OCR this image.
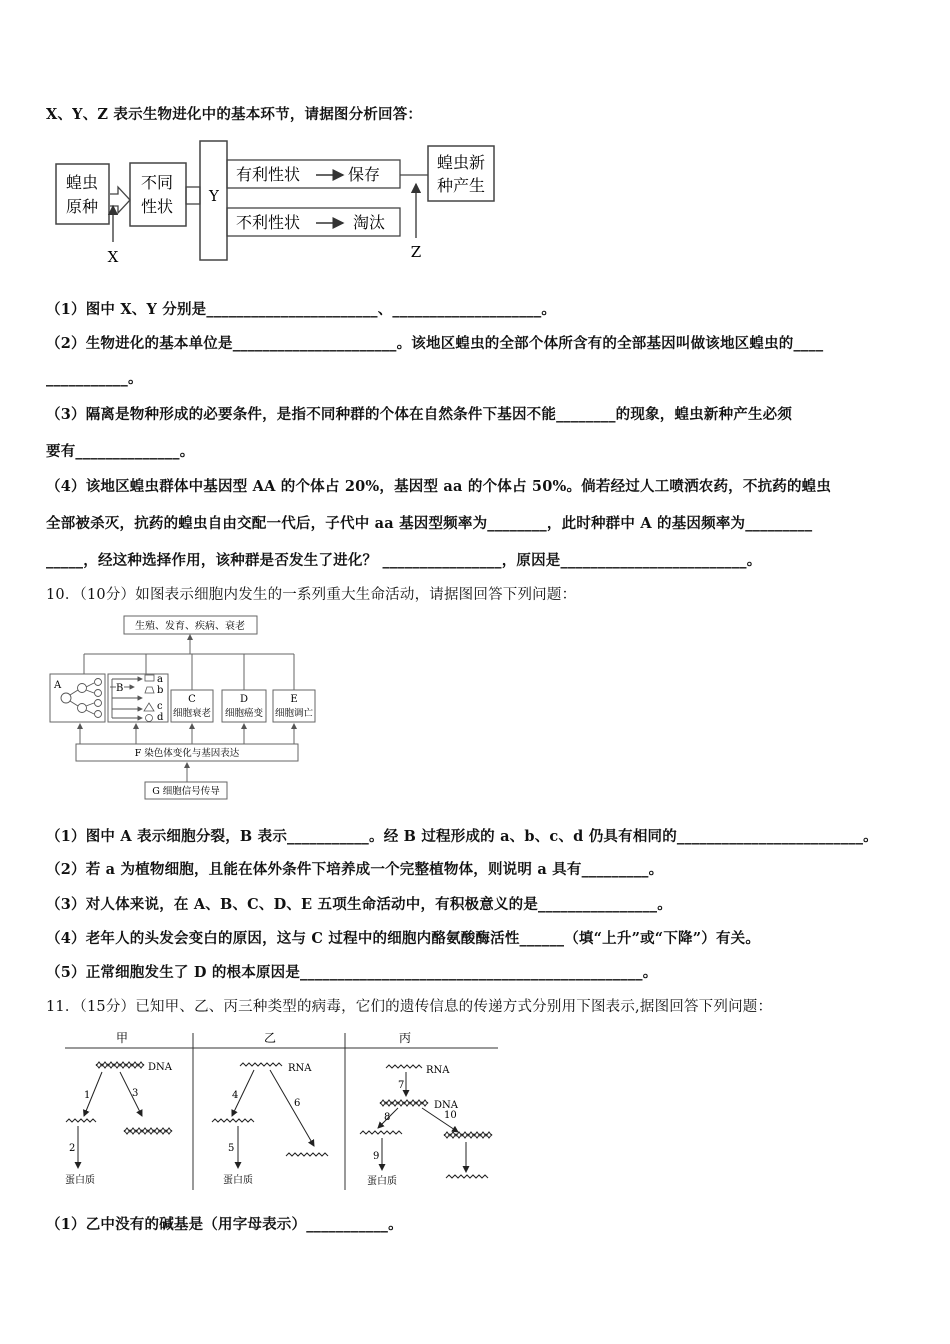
X、Y、Z 表示生物进化中的基本环节，请据图分析回答：
蝗虫
原种
X
不同
性状
Y
有利性状	保存
不利性状	淘汰
蝗虫新
种产生
Z
（1）图中 X、Y 分别是_______________________、____________________。
（2）生物进化的基本单位是______________________。该地区蝗虫的全部个体所含有的全部基因叫做该地区蝗虫的____
___________。
（3）隔离是物种形成的必要条件，是指不同种群的个体在自然条件下基因不能________的现象，蝗虫新种产生必须
要有______________。
（4）该地区蝗虫群体中基因型 AA 的个体占 20%，基因型 aa 的个体占 50%。倘若经过人工喷洒农药，不抗药的蝗虫
全部被杀灭，抗药的蝗虫自由交配一代后，子代中 aa 基因型频率为________，此时种群中 A 的基因频率为_________
_____，经这种选择作用，该种群是否发生了进化？ ________________，原因是_________________________。
10．（10分）如图表示细胞内发生的一系列重大生命活动，请据图回答下列问题：
生殖、发育、疾病、衰老
A	B
a
b
c
d
C
细胞衰老
D
细胞癌变
E
细胞调亡
F 染色体变化与基因表达
G 细胞信号传导
（1）图中 A 表示细胞分裂，B 表示___________。经 B 过程形成的 a、b、c、d 仍具有相同的_________________________。
（2）若 a 为植物细胞，且能在体外条件下培养成一个完整植物体，则说明 a 具有_________。
（3）对人体来说，在 A、B、C、D、E 五项生命活动中，有积极意义的是________________。
（4）老年人的头发会变白的原因，这与 C 过程中的细胞内酪氨酸酶活性______（填“上升”或“下降”）有关。
（5）正常细胞发生了 D 的根本原因是______________________________________________。
11．（15分）已知甲、乙、丙三种类型的病毒，它们的遗传信息的传递方式分别用下图表示,据图回答下列问题：
甲	乙	丙
DNA
1	3
2
蛋白质
RNA
4
6
5
蛋白质
RNA
7
DNA
8	10
9
蛋白质
（1）乙中没有的碱基是（用字母表示）___________。
